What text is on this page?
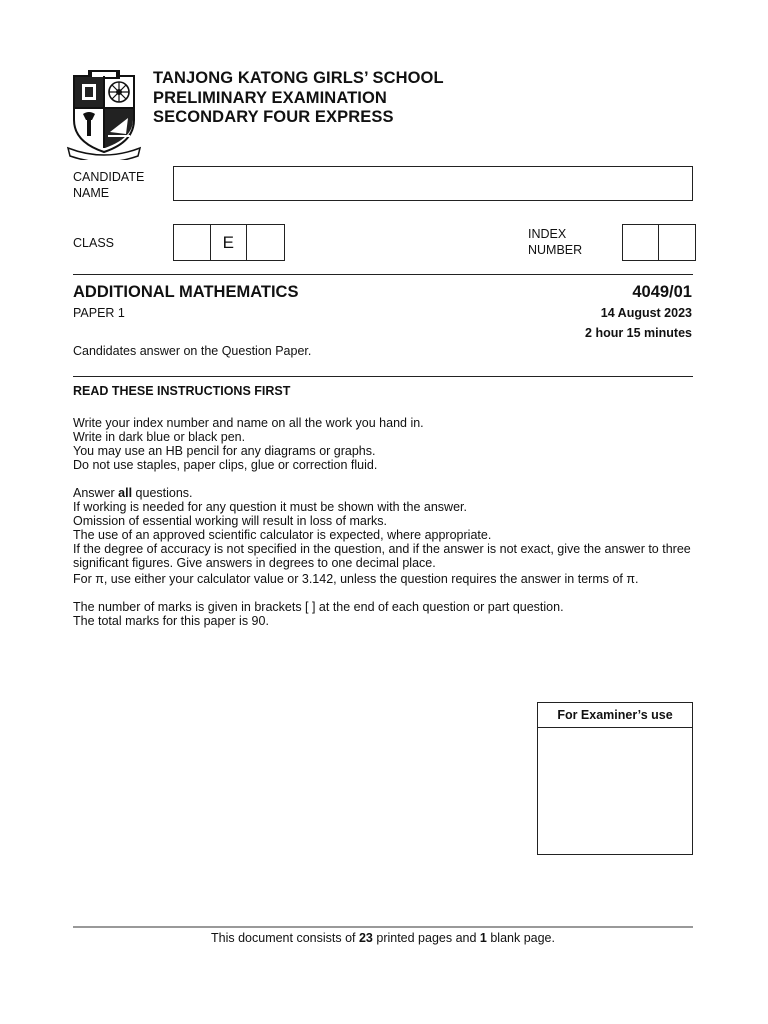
TANJONG KATONG GIRLS’ SCHOOL
PRELIMINARY EXAMINATION
SECONDARY FOUR EXPRESS
CANDIDATE
NAME
CLASS	E	INDEX
NUMBER
ADDITIONAL MATHEMATICS	4049/01
PAPER 1	14 August 2023
2 hour 15 minutes
Candidates answer on the Question Paper.
READ THESE INSTRUCTIONS FIRST
Write your index number and name on all the work you hand in.
Write in dark blue or black pen.
You may use an HB pencil for any diagrams or graphs.
Do not use staples, paper clips, glue or correction fluid.
Answer all questions.
If working is needed for any question it must be shown with the answer.
Omission of essential working will result in loss of marks.
The use of an approved scientific calculator is expected, where appropriate.
If the degree of accuracy is not specified in the question, and if the answer is not exact, give the answer to three significant figures. Give answers in degrees to one decimal place.
For π, use either your calculator value or 3.142, unless the question requires the answer in terms of π.
The number of marks is given in brackets [ ] at the end of each question or part question.
The total marks for this paper is 90.
For Examiner’s use
This document consists of 23 printed pages and 1 blank page.
